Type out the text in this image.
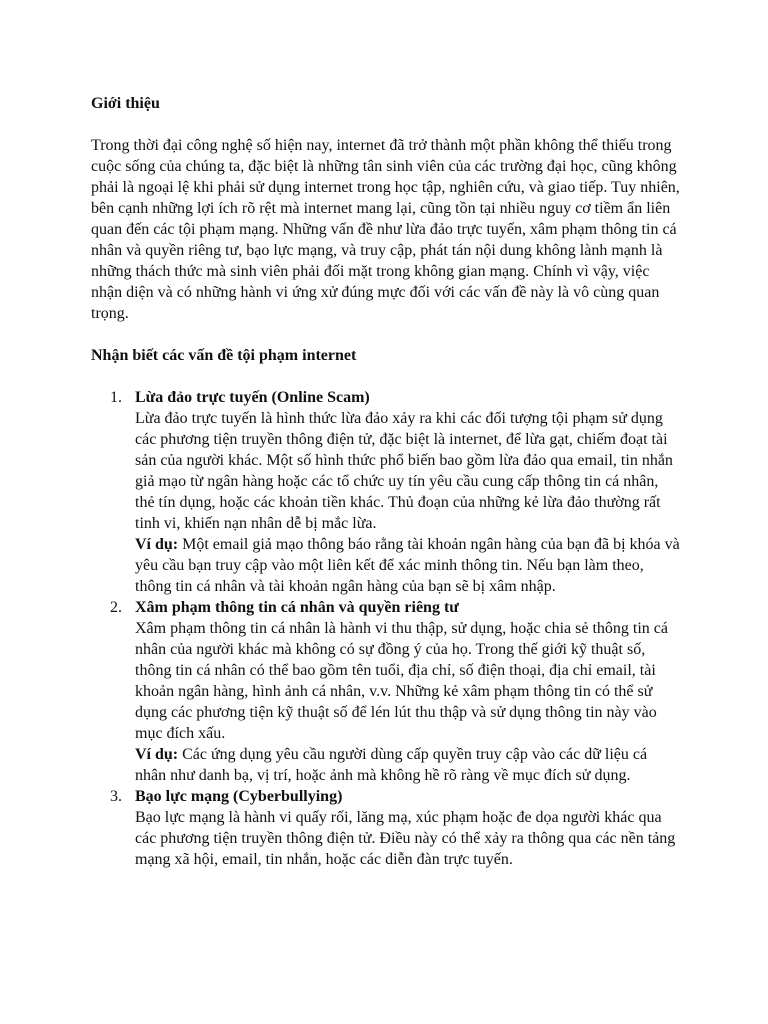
Giới thiệu

Trong thời đại công nghệ số hiện nay, internet đã trở thành một phần không thể thiếu trong cuộc sống của chúng ta, đặc biệt là những tân sinh viên của các trường đại học, cũng không phải là ngoại lệ khi phải sử dụng internet trong học tập, nghiên cứu, và giao tiếp. Tuy nhiên, bên cạnh những lợi ích rõ rệt mà internet mang lại, cũng tồn tại nhiều nguy cơ tiềm ẩn liên quan đến các tội phạm mạng. Những vấn đề như lừa đảo trực tuyến, xâm phạm thông tin cá nhân và quyền riêng tư, bạo lực mạng, và truy cập, phát tán nội dung không lành mạnh là những thách thức mà sinh viên phải đối mặt trong không gian mạng. Chính vì vậy, việc nhận diện và có những hành vi ứng xử đúng mực đối với các vấn đề này là vô cùng quan trọng.

Nhận biết các vấn đề tội phạm internet

1. Lừa đảo trực tuyến (Online Scam)
Lừa đảo trực tuyến là hình thức lừa đảo xảy ra khi các đối tượng tội phạm sử dụng các phương tiện truyền thông điện tử, đặc biệt là internet, để lừa gạt, chiếm đoạt tài sản của người khác. Một số hình thức phổ biến bao gồm lừa đảo qua email, tin nhắn giả mạo từ ngân hàng hoặc các tổ chức uy tín yêu cầu cung cấp thông tin cá nhân, thẻ tín dụng, hoặc các khoản tiền khác. Thủ đoạn của những kẻ lừa đảo thường rất tinh vi, khiến nạn nhân dễ bị mắc lừa.
Ví dụ: Một email giả mạo thông báo rằng tài khoản ngân hàng của bạn đã bị khóa và yêu cầu bạn truy cập vào một liên kết để xác minh thông tin. Nếu bạn làm theo, thông tin cá nhân và tài khoản ngân hàng của bạn sẽ bị xâm nhập.
2. Xâm phạm thông tin cá nhân và quyền riêng tư
Xâm phạm thông tin cá nhân là hành vi thu thập, sử dụng, hoặc chia sẻ thông tin cá nhân của người khác mà không có sự đồng ý của họ. Trong thế giới kỹ thuật số, thông tin cá nhân có thể bao gồm tên tuổi, địa chỉ, số điện thoại, địa chỉ email, tài khoản ngân hàng, hình ảnh cá nhân, v.v. Những kẻ xâm phạm thông tin có thể sử dụng các phương tiện kỹ thuật số để lén lút thu thập và sử dụng thông tin này vào mục đích xấu.
Ví dụ: Các ứng dụng yêu cầu người dùng cấp quyền truy cập vào các dữ liệu cá nhân như danh bạ, vị trí, hoặc ảnh mà không hề rõ ràng về mục đích sử dụng.
3. Bạo lực mạng (Cyberbullying)
Bạo lực mạng là hành vi quấy rối, lăng mạ, xúc phạm hoặc đe dọa người khác qua các phương tiện truyền thông điện tử. Điều này có thể xảy ra thông qua các nền tảng mạng xã hội, email, tin nhắn, hoặc các diễn đàn trực tuyến.
